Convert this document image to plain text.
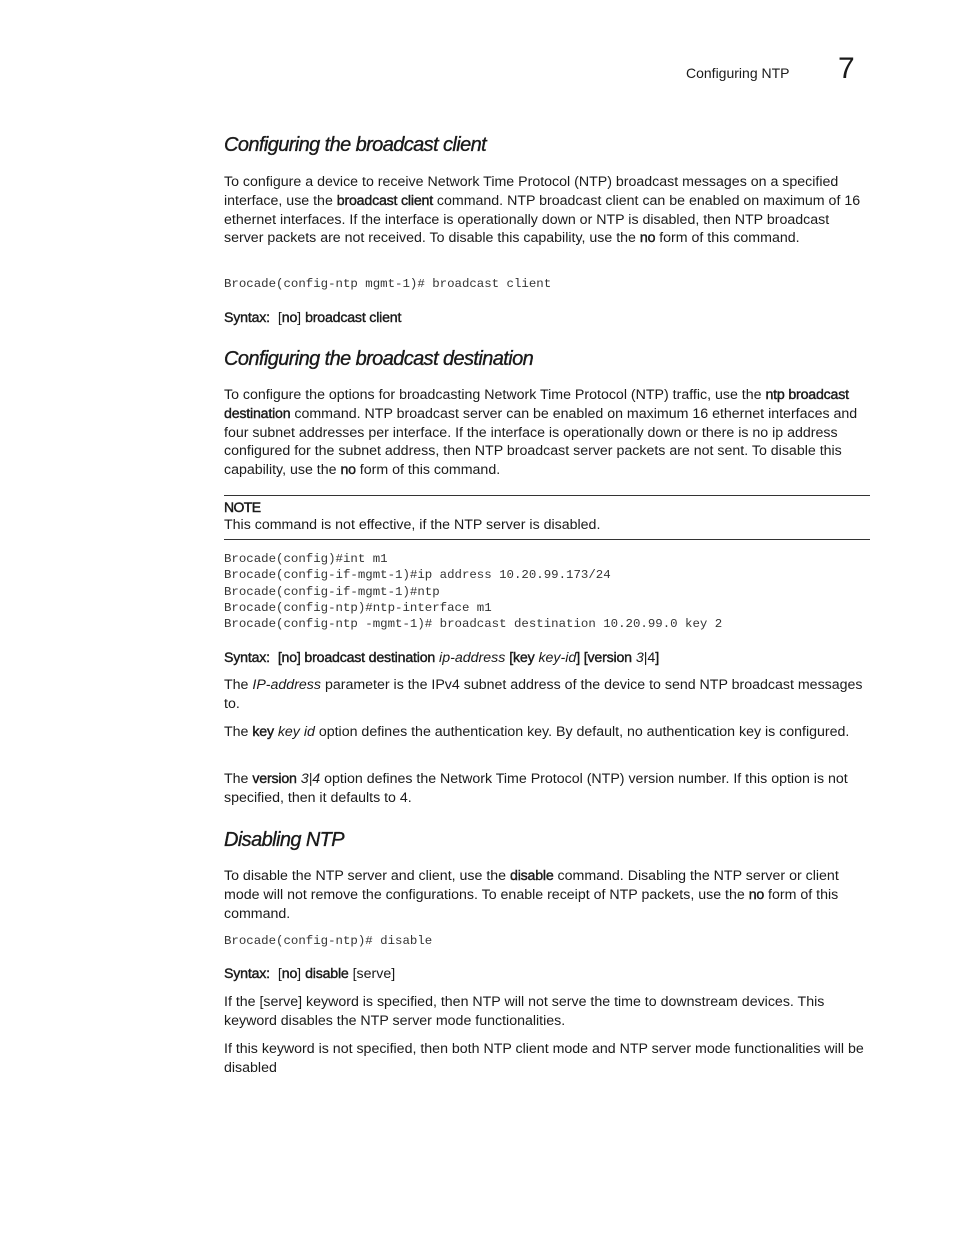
Configuring NTP 7
Configuring the broadcast client

To configure a device to receive Network Time Protocol (NTP) broadcast messages on a specified interface, use the broadcast client command. NTP broadcast client can be enabled on maximum of 16 ethernet interfaces. If the interface is operationally down or NTP is disabled, then NTP broadcast server packets are not received. To disable this capability, use the no form of this command.

Brocade(config-ntp mgmt-1)# broadcast client

Syntax: [no] broadcast client

Configuring the broadcast destination

To configure the options for broadcasting Network Time Protocol (NTP) traffic, use the ntp broadcast destination command. NTP broadcast server can be enabled on maximum 16 ethernet interfaces and four subnet addresses per interface. If the interface is operationally down or there is no ip address configured for the subnet address, then NTP broadcast server packets are not sent. To disable this capability, use the no form of this command.

NOTE

This command is not effective, if the NTP server is disabled.

Brocade(config)#int m1
Brocade(config-if-mgmt-1)#ip address 10.20.99.173/24
Brocade(config-if-mgmt-1)#ntp
Brocade(config-ntp)#ntp-interface m1
Brocade(config-ntp -mgmt-1)# broadcast destination 10.20.99.0 key 2

Syntax: [no] broadcast destination ip-address [key key-id] [version 3|4]

The IP-address parameter is the IPv4 subnet address of the device to send NTP broadcast messages to.

The key key id option defines the authentication key. By default, no authentication key is configured.

The version 3|4 option defines the Network Time Protocol (NTP) version number. If this option is not specified, then it defaults to 4.

Disabling NTP

To disable the NTP server and client, use the disable command. Disabling the NTP server or client mode will not remove the configurations. To enable receipt of NTP packets, use the no form of this command.

Brocade(config-ntp)# disable

Syntax: [no] disable [serve]

If the [serve] keyword is specified, then NTP will not serve the time to downstream devices. This keyword disables the NTP server mode functionalities.

If this keyword is not specified, then both NTP client mode and NTP server mode functionalities will be disabled
